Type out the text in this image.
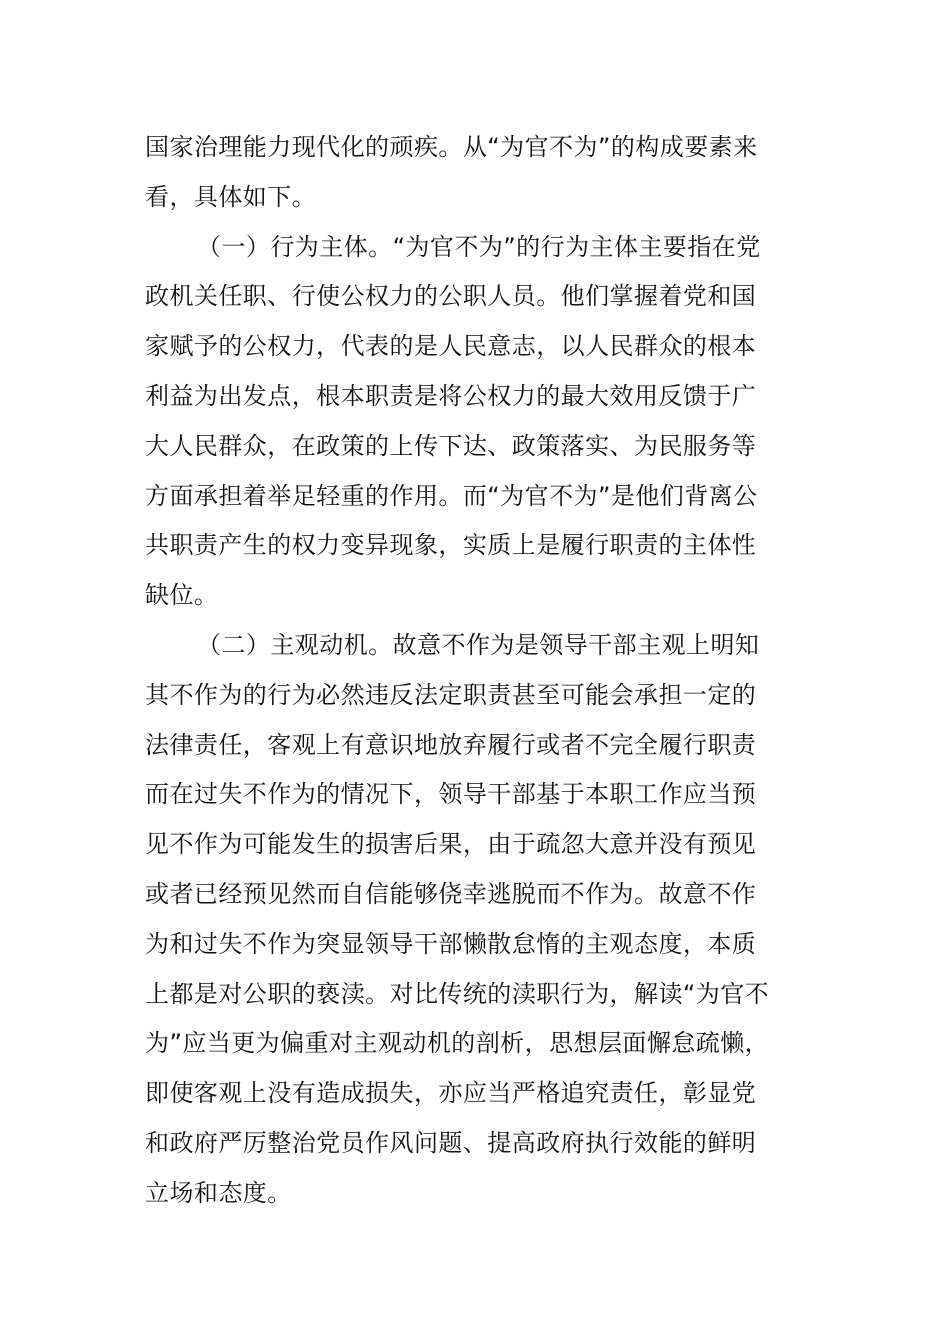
国家治理能力现代化的顽疾。从“为官不为”的构成要素来
看，具体如下。
（一）行为主体。“为官不为”的行为主体主要指在党
政机关任职、行使公权力的公职人员。他们掌握着党和国
家赋予的公权力，代表的是人民意志，以人民群众的根本
利益为出发点，根本职责是将公权力的最大效用反馈于广
大人民群众，在政策的上传下达、政策落实、为民服务等
方面承担着举足轻重的作用。而“为官不为”是他们背离公
共职责产生的权力变异现象，实质上是履行职责的主体性
缺位。
（二）主观动机。故意不作为是领导干部主观上明知
其不作为的行为必然违反法定职责甚至可能会承担一定的
法律责任，客观上有意识地放弃履行或者不完全履行职责
而在过失不作为的情况下，领导干部基于本职工作应当预
见不作为可能发生的损害后果，由于疏忽大意并没有预见
或者已经预见然而自信能够侥幸逃脱而不作为。故意不作
为和过失不作为突显领导干部懒散怠惰的主观态度，本质
上都是对公职的亵渎。对比传统的渎职行为，解读“为官不
为”应当更为偏重对主观动机的剖析，思想层面懈怠疏懒，
即使客观上没有造成损失，亦应当严格追究责任，彰显党
和政府严厉整治党员作风问题、提高政府执行效能的鲜明
立场和态度。
